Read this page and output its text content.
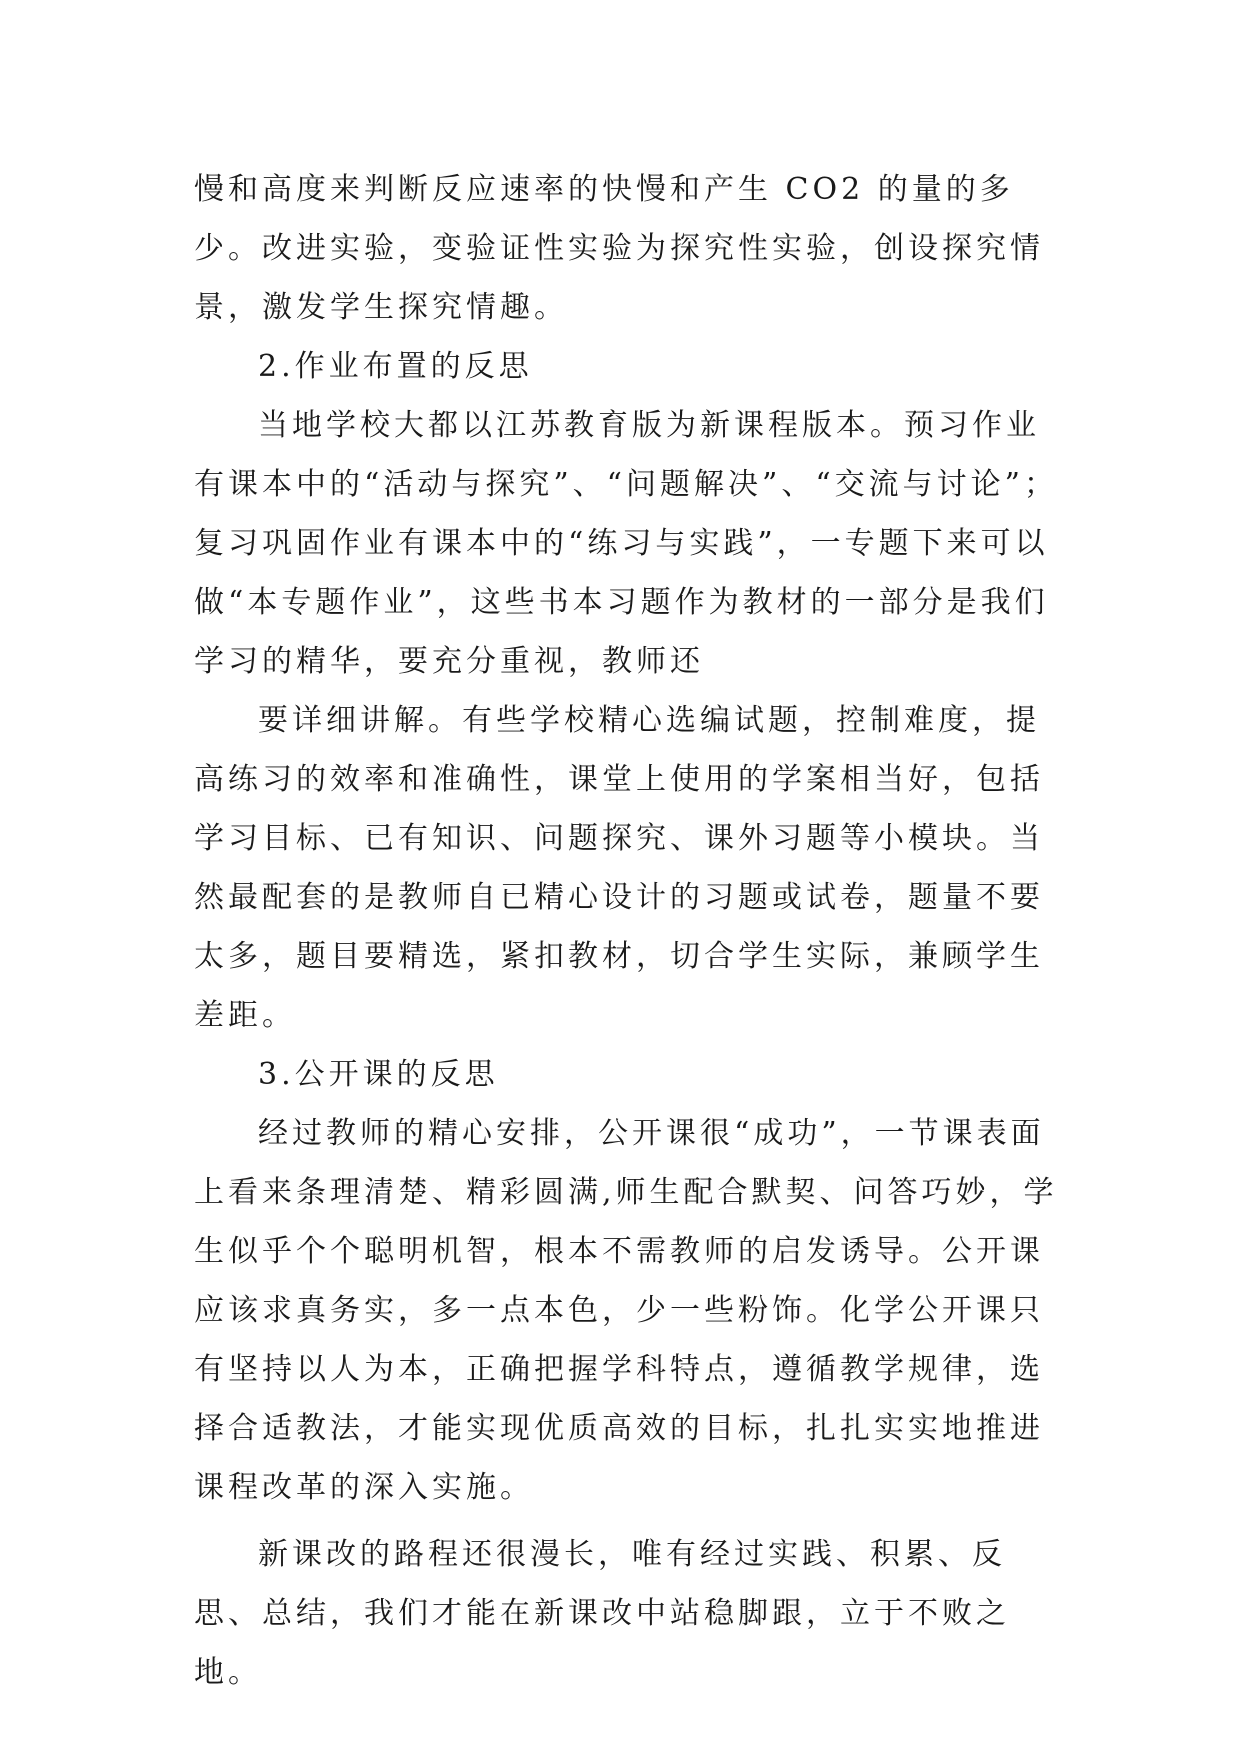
慢和高度来判断反应速率的快慢和产生 CO2 的量的多少。改进实验，变验证性实验为探究性实验，创设探究情景，激发学生探究情趣。

2.作业布置的反思

当地学校大都以江苏教育版为新课程版本。预习作业有课本中的“活动与探究”、“问题解决”、“交流与讨论”；复习巩固作业有课本中的“练习与实践”，一专题下来可以做“本专题作业”，这些书本习题作为教材的一部分是我们学习的精华，要充分重视，教师还

要详细讲解。有些学校精心选编试题，控制难度，提高练习的效率和准确性，课堂上使用的学案相当好，包括学习目标、已有知识、问题探究、课外习题等小模块。当然最配套的是教师自已精心设计的习题或试卷，题量不要太多，题目要精选，紧扣教材，切合学生实际，兼顾学生差距。

3.公开课的反思

经过教师的精心安排，公开课很“成功”，一节课表面上看来条理清楚、精彩圆满,师生配合默契、问答巧妙，学生似乎个个聪明机智，根本不需教师的启发诱导。公开课应该求真务实，多一点本色，少一些粉饰。化学公开课只有坚持以人为本，正确把握学科特点，遵循教学规律，选择合适教法，才能实现优质高效的目标，扎扎实实地推进课程改革的深入实施。

新课改的路程还很漫长，唯有经过实践、积累、反思、总结，我们才能在新课改中站稳脚跟，立于不败之地。
